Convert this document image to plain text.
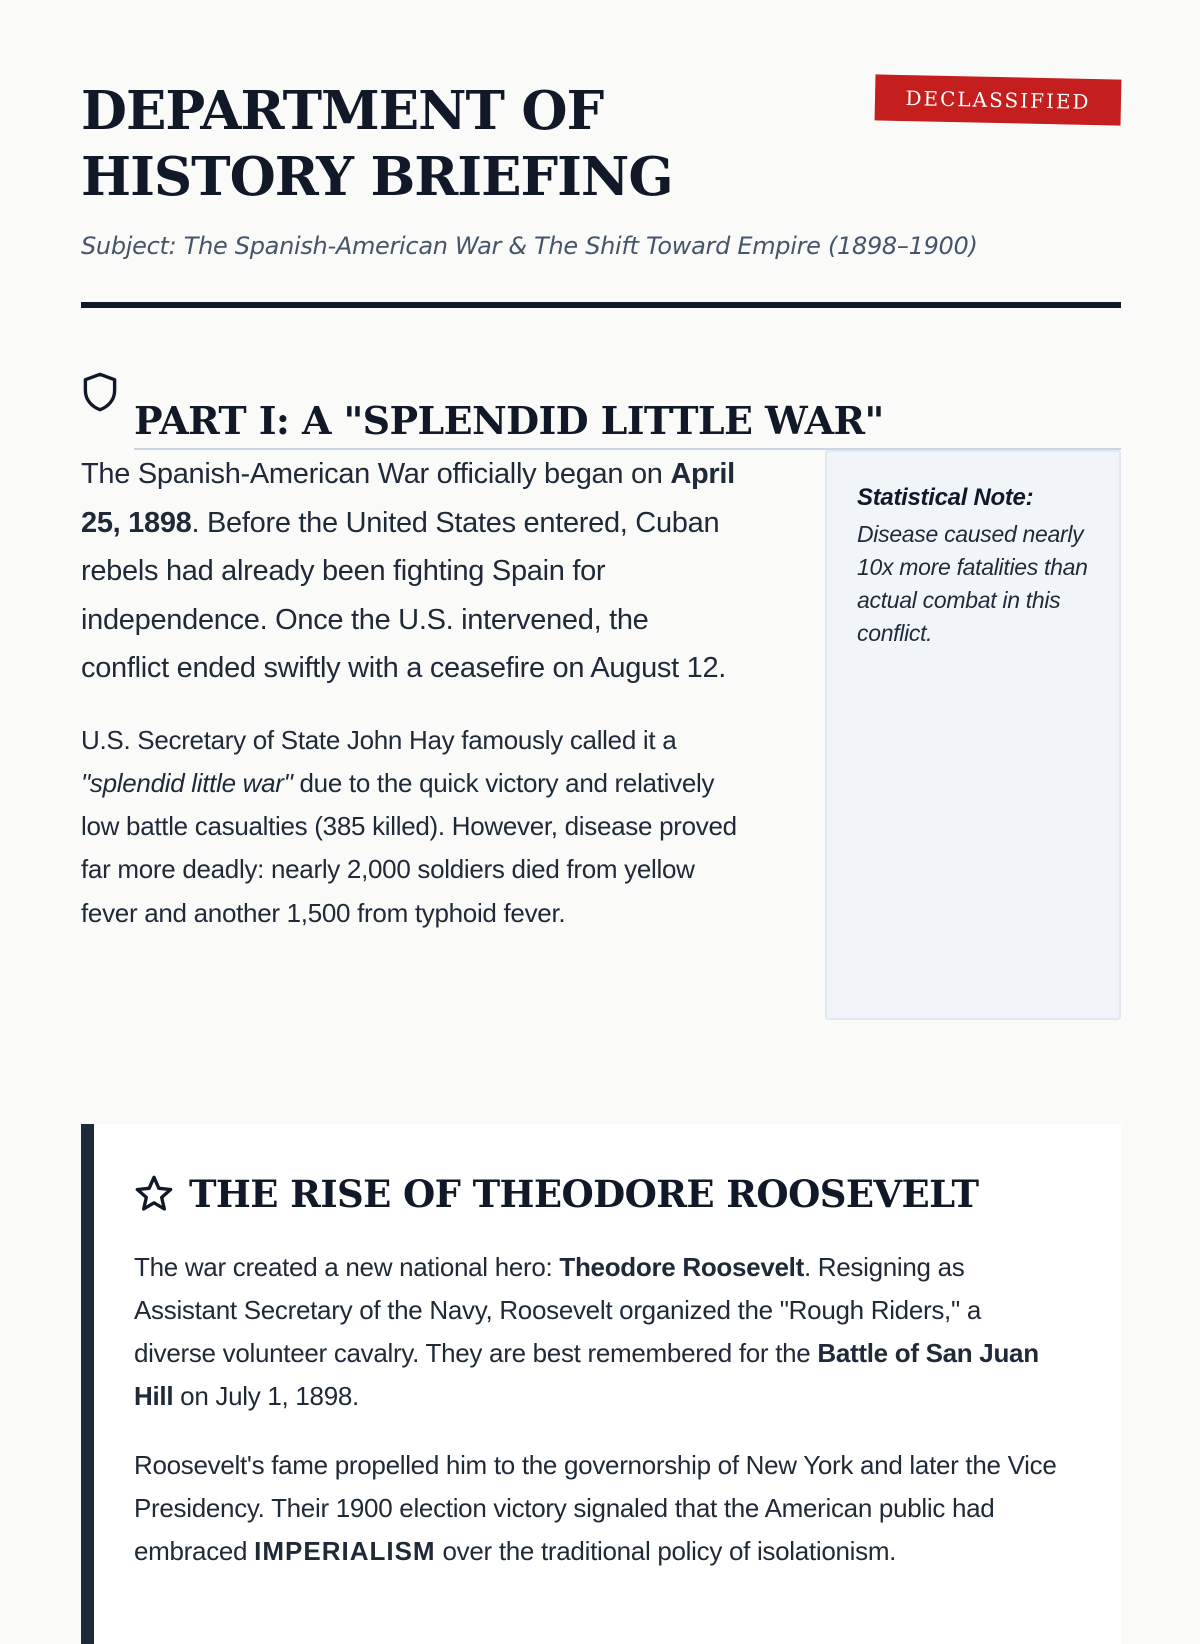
DEPARTMENT OF HISTORY BRIEFING
DECLASSIFIED
Subject: The Spanish-American War & The Shift Toward Empire (1898–1900)
PART I: A "SPLENDID LITTLE WAR"

The Spanish-American War officially began on April 25, 1898. Before the United States entered, Cuban rebels had already been fighting Spain for independence. Once the U.S. intervened, the conflict ended swiftly with a ceasefire on August 12.

U.S. Secretary of State John Hay famously called it a "splendid little war" due to the quick victory and relatively low battle casualties (385 killed). However, disease proved far more deadly: nearly 2,000 soldiers died from yellow fever and another 1,500 from typhoid fever.

Statistical Note:
Disease caused nearly 10x more fatalities than actual combat in this conflict.
THE RISE OF THEODORE ROOSEVELT

The war created a new national hero: Theodore Roosevelt. Resigning as Assistant Secretary of the Navy, Roosevelt organized the "Rough Riders," a diverse volunteer cavalry. They are best remembered for the Battle of San Juan Hill on July 1, 1898.

Roosevelt's fame propelled him to the governorship of New York and later the Vice Presidency. Their 1900 election victory signaled that the American public had embraced IMPERIALISM over the traditional policy of isolationism.
